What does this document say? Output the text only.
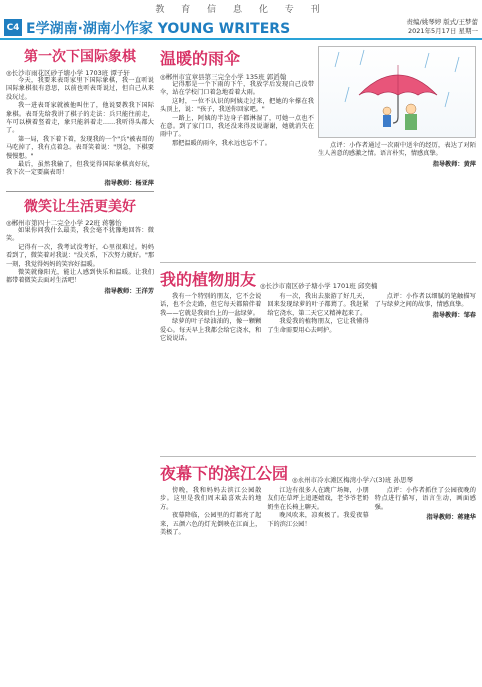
教 育 信 息 化 专 刊
C4 E学湖南·湖南小作家 YOUNG WRITERS	责编/姚琴婷 版式/王梦蕾
2021年5月17日 星期一
第一次下国际象棋
◎长沙市雨花区砂子塘小学 1703班 谭子轩

今天，我要来表哥家里下国际象棋，我一直听说国际象棋很有意思，以前也听表哥说过，但自己从来没玩过。

我一进表哥家就被他叫住了，他说要教我下国际象棋。表哥先给我讲了棋子的走法：兵只能往前走，车可以横着竖着走，象只能斜着走……我听得头都大了。

第一局，我下着下着，发现我的一个"兵"被表哥的马吃掉了，我有点着急。表哥笑着说："别急，下棋要慢慢想。"

最后，虽然我输了，但我觉得国际象棋真好玩，我下次一定要赢表哥！

指导教师：杨亚萍
微笑让生活更美好
◎郴州市第四十二完全小学 22班 蒋馨怡

如果你问我什么最美，我会毫不犹豫地回答：微笑。

记得有一次，我考试没考好，心里很难过。妈妈看到了，微笑着对我说："没关系，下次努力就好。"那一刻，我觉得妈妈的笑容好温暖。

微笑就像阳光，能让人感到快乐和温暖。让我们都带着微笑去面对生活吧！

指导教师：王洋芳
温暖的雨伞
◎郴州市宜章县第三完全小学 135班 郭滔翰

记得那是一个下雨的下午，我放学后发现自己没带伞，站在学校门口着急地看着大雨。

这时，一位不认识的阿姨走过来，把她的伞撑在我头顶上，说："孩子，我送你回家吧。"

一路上，阿姨的半边身子都淋湿了，可她一点也不在意。到了家门口，我还没来得及说谢谢，她就消失在雨中了。

那把温暖的雨伞，我永远也忘不了。	点评：小作者通过一次雨中送伞的经历，表达了对陌生人善意的感激之情。语言朴实，情感真挚。
指导教师：黄萍
我的植物朋友 ◎长沙市南区砂子塘小学 1701班 邱奕楠

我有一个特别的朋友，它不会说话，也不会走路，但它每天都陪伴着我——它就是我窗台上的一盆绿萝。

绿萝的叶子绿油油的，像一颗颗爱心。每天早上我都会给它浇水，和它说说话。

有一次，我出去旅游了好几天，回来发现绿萝的叶子都蔫了。我赶紧给它浇水，第二天它又精神起来了。

我爱我的植物朋友，它让我懂得了生命需要用心去呵护。

点评：小作者以细腻的笔触描写了与绿萝之间的故事，情感真挚。
指导教师：邹春
夜幕下的滨江公园 ◎永州市冷水滩区梅湾小学六(3)班 孙思琴

傍晚，我和妈妈去滨江公园散步。这里是我们周末最喜欢去的地方。

夜幕降临，公园里的灯都亮了起来，五颜六色的灯光倒映在江面上，美极了。

江边有很多人在跳广场舞，小朋友们在草坪上追逐嬉戏，老爷爷老奶奶坐在长椅上聊天。

晚风吹来，凉爽极了。我爱夜幕下的滨江公园！

点评：小作者抓住了公园夜晚的特点进行描写，语言生动，画面感强。
指导教师：蒋建华
